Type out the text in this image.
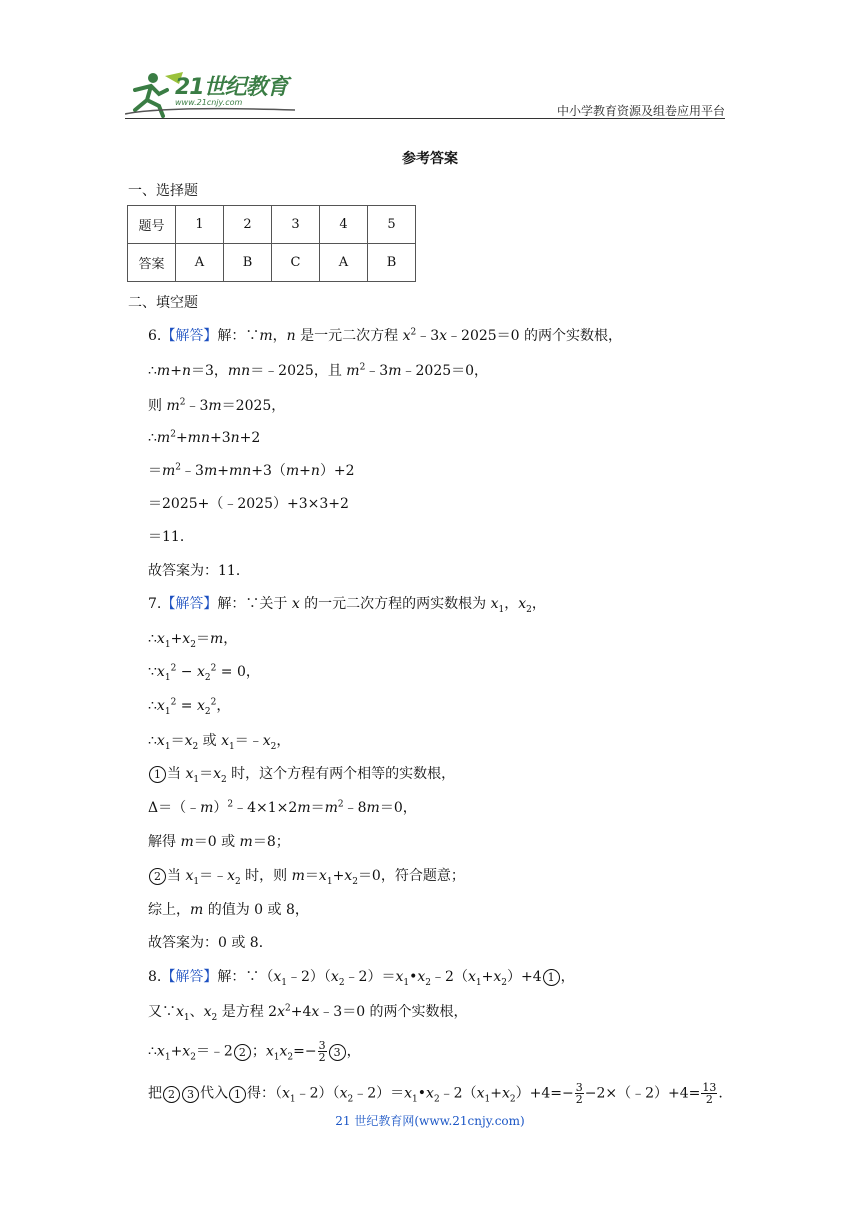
21世纪教育
www.21cnjy.com
中小学教育资源及组卷应用平台
参考答案
一、选择题
题号	1	2	3	4	5
答案	A	B	C	A	B
二、填空题
6.【解答】解：∵m，n 是一元二次方程 $x^2﹣3x﹣2025=0$ 的两个实数根，
∴m+n＝3，mn＝﹣2025，且 $m^2﹣3m﹣2025=0$，
则 $m^2﹣3m=2025$，
$\therefore m^2+mn+3n+2$
$=m^2﹣3m+mn+3(m+n)+2$
＝2025+（﹣2025）+3×3+2
＝11．
故答案为：11．
7.【解答】解：∵关于 x 的一元二次方程的两实数根为 $x_1$，$x_2$，
$\therefore x_1+x_2=m$，
$\because x_1^2 - x_2^2 = 0$，
$\therefore x_1^2 = x_2^2$，
$\therefore x_1=x_2$ 或 $x_1=﹣x_2$，
1 当 $x_1=x_2$ 时，这个方程有两个相等的实数根，
$\Delta=(﹣m)^2﹣4\times 1\times 2m=m^2﹣8m=0$，
解得 m＝0 或 m＝8；
2 当 $x_1=﹣x_2$ 时，则 $m=x_1+x_2=0$，符合题意；
综上，m 的值为 0 或 8，
故答案为：0 或 8．
8.【解答】解：$\because(x_1﹣2)(x_2﹣2)=x_1•x_2﹣2(x_1+x_2)+4$ 1 ，
又$\because x_1$、$x_2$ 是方程 $2x^2+4x﹣3=0$ 的两个实数根，
$\therefore x_1+x_2=﹣2$ 2 ；$x_1x_2=- \frac{3}{2} 3$ ，
把 2 3 代入 1 得：$(x_1﹣2)(x_2﹣2)=x_1•x_2﹣2(x_1+x_2)+4=- \frac{3}{2}$ −2×（﹣2）+4= $\frac{13}{2}$ .
21 世纪教育网(www.21cnjy.com)
